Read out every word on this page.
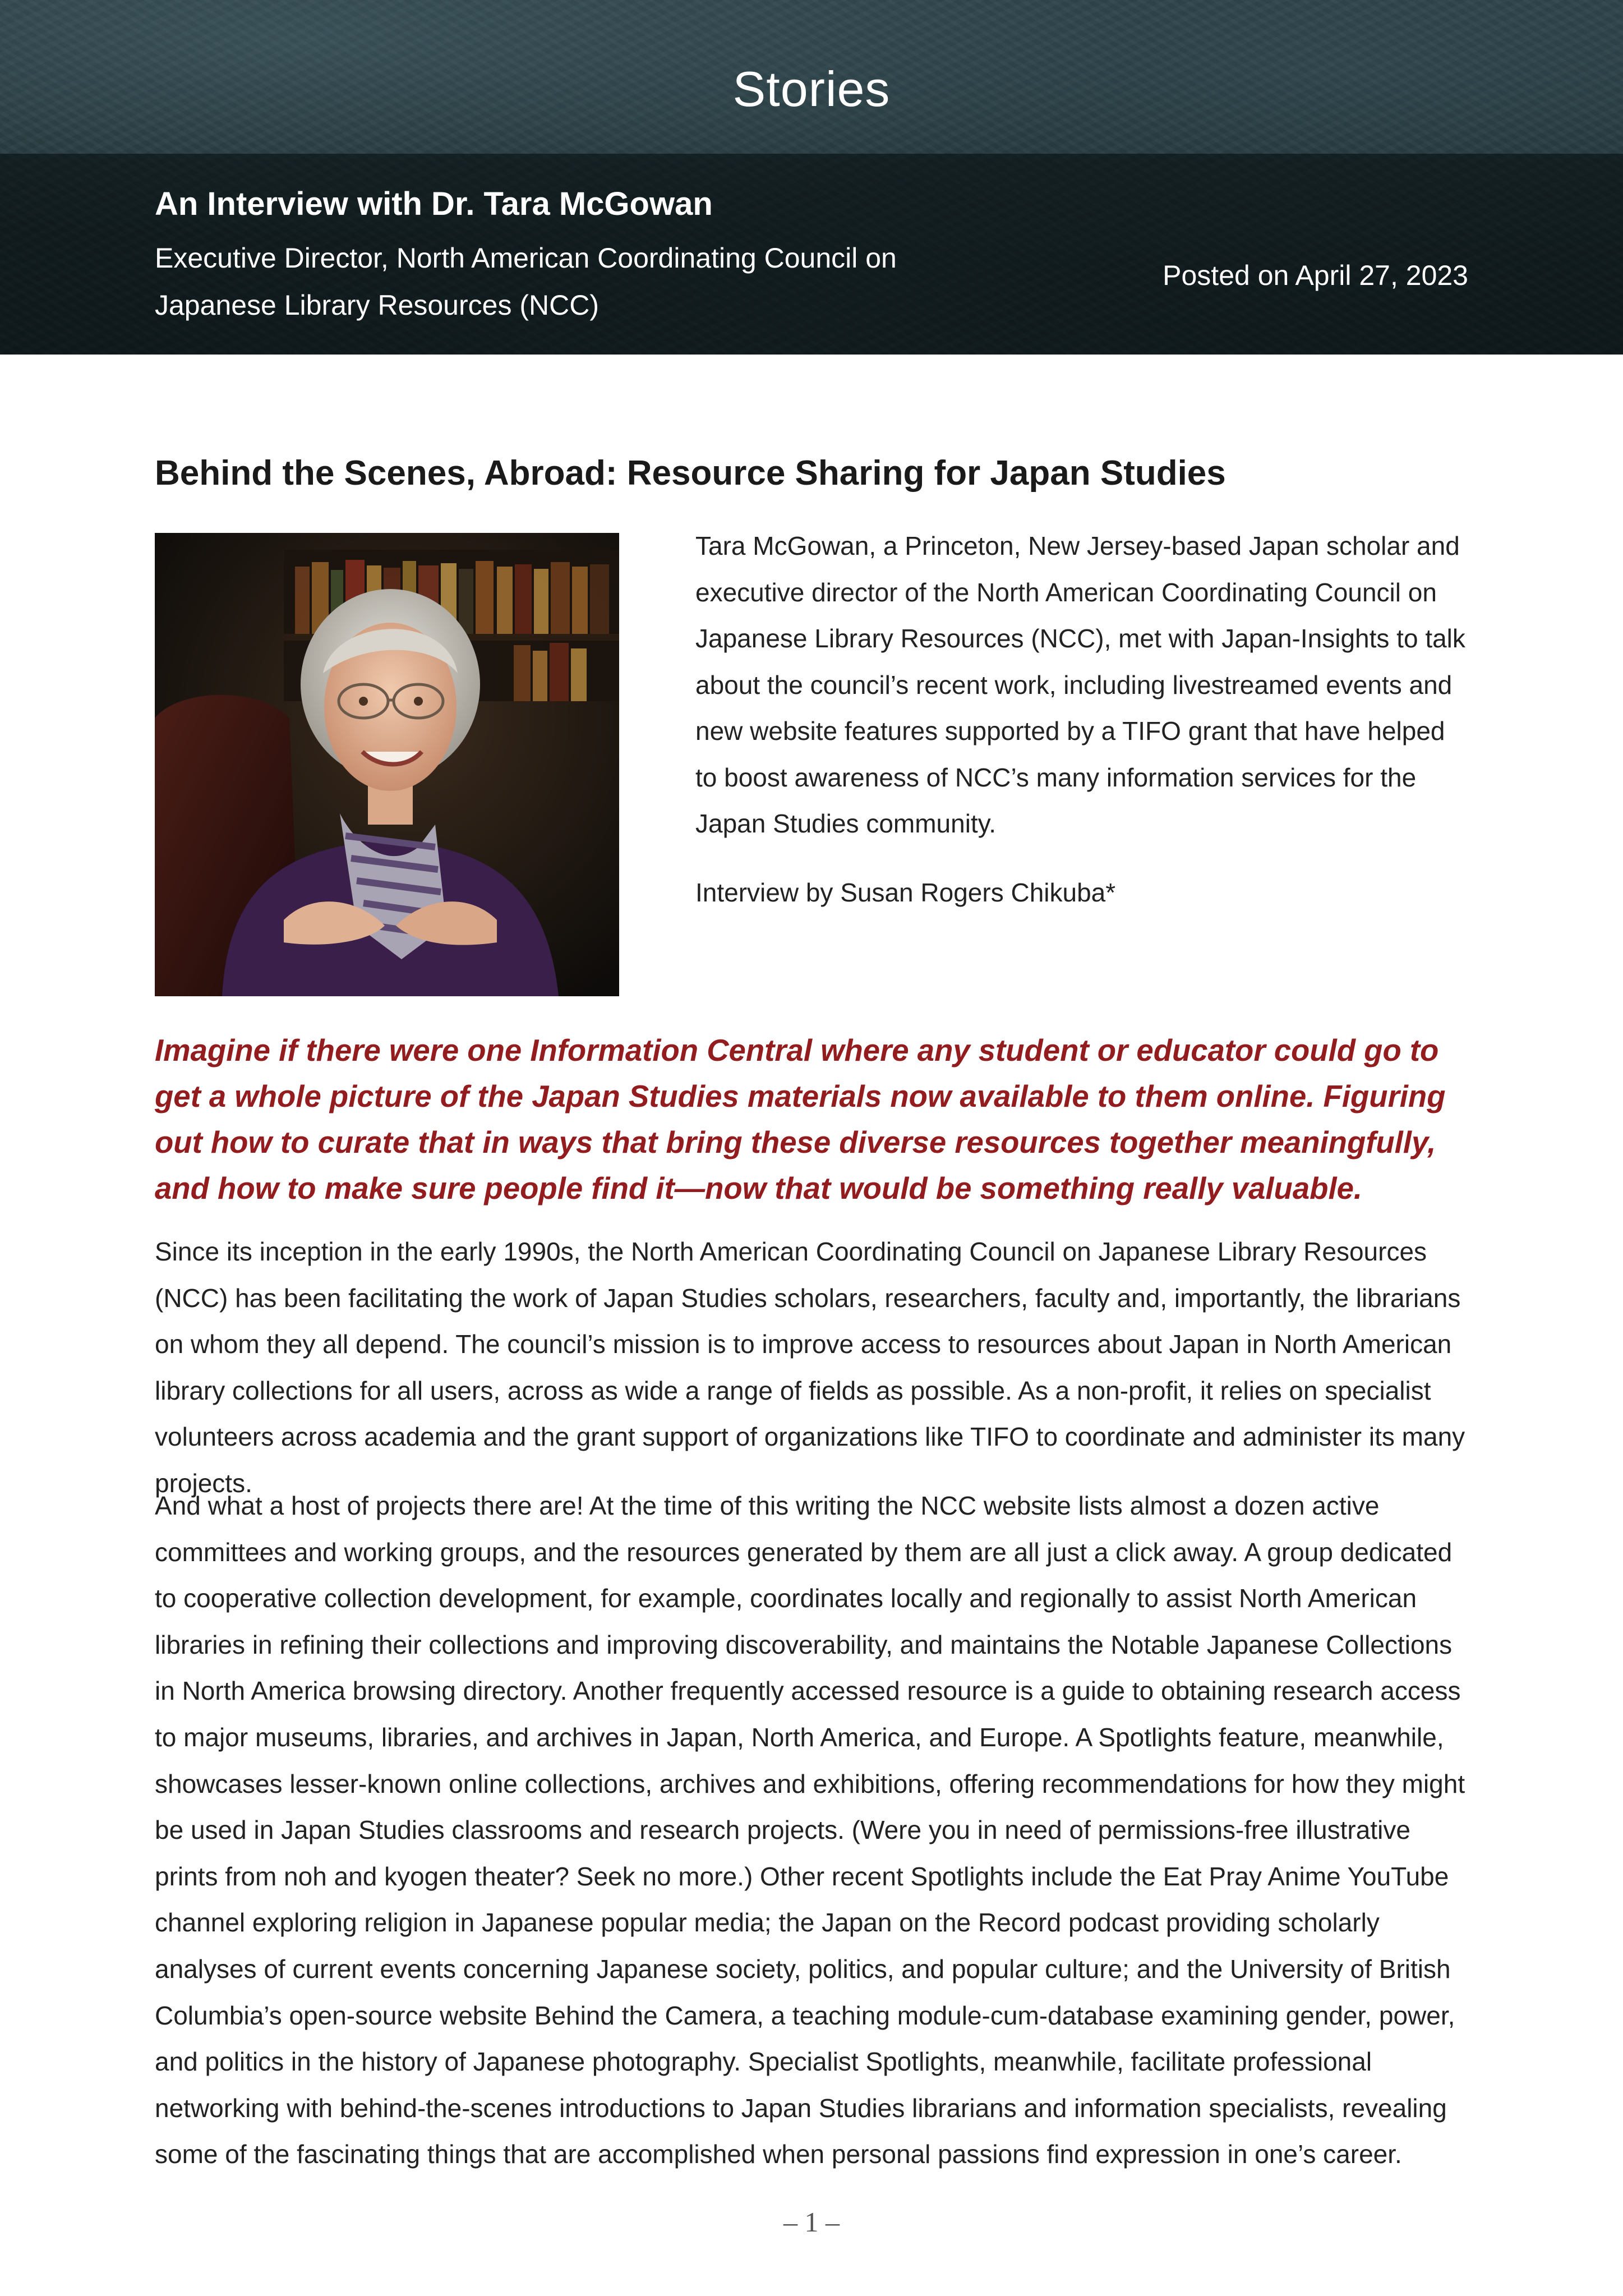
Stories
An Interview with Dr. Tara McGowan
Executive Director, North American Coordinating Council on Japanese Library Resources (NCC)
Posted on April 27, 2023
Behind the Scenes, Abroad: Resource Sharing for Japan Studies

Tara McGowan, a Princeton, New Jersey-based Japan scholar and executive director of the North American Coordinating Council on Japanese Library Resources (NCC), met with Japan-Insights to talk about the council’s recent work, including livestreamed events and new website features supported by a TIFO grant that have helped to boost awareness of NCC’s many information services for the Japan Studies community.

Interview by Susan Rogers Chikuba*

Imagine if there were one Information Central where any student or educator could go to get a whole picture of the Japan Studies materials now available to them online. Figuring out how to curate that in ways that bring these diverse resources together meaningfully, and how to make sure people find it—now that would be something really valuable.

Since its inception in the early 1990s, the North American Coordinating Council on Japanese Library Resources (NCC) has been facilitating the work of Japan Studies scholars, researchers, faculty and, importantly, the librarians on whom they all depend. The council’s mission is to improve access to resources about Japan in North American library collections for all users, across as wide a range of fields as possible. As a non-profit, it relies on specialist volunteers across academia and the grant support of organizations like TIFO to coordinate and administer its many projects.

And what a host of projects there are! At the time of this writing the NCC website lists almost a dozen active committees and working groups, and the resources generated by them are all just a click away. A group dedicated to cooperative collection development, for example, coordinates locally and regionally to assist North American libraries in refining their collections and improving discoverability, and maintains the Notable Japanese Collections in North America browsing directory. Another frequently accessed resource is a guide to obtaining research access to major museums, libraries, and archives in Japan, North America, and Europe. A Spotlights feature, meanwhile, showcases lesser-known online collections, archives and exhibitions, offering recommendations for how they might be used in Japan Studies classrooms and research projects. (Were you in need of permissions-free illustrative prints from noh and kyogen theater? Seek no more.) Other recent Spotlights include the Eat Pray Anime YouTube channel exploring religion in Japanese popular media; the Japan on the Record podcast providing scholarly analyses of current events concerning Japanese society, politics, and popular culture; and the University of British Columbia’s open-source website Behind the Camera, a teaching module-cum-database examining gender, power, and politics in the history of Japanese photography. Specialist Spotlights, meanwhile, facilitate professional networking with behind-the-scenes introductions to Japan Studies librarians and information specialists, revealing some of the fascinating things that are accomplished when personal passions find expression in one’s career.

– 1 –
